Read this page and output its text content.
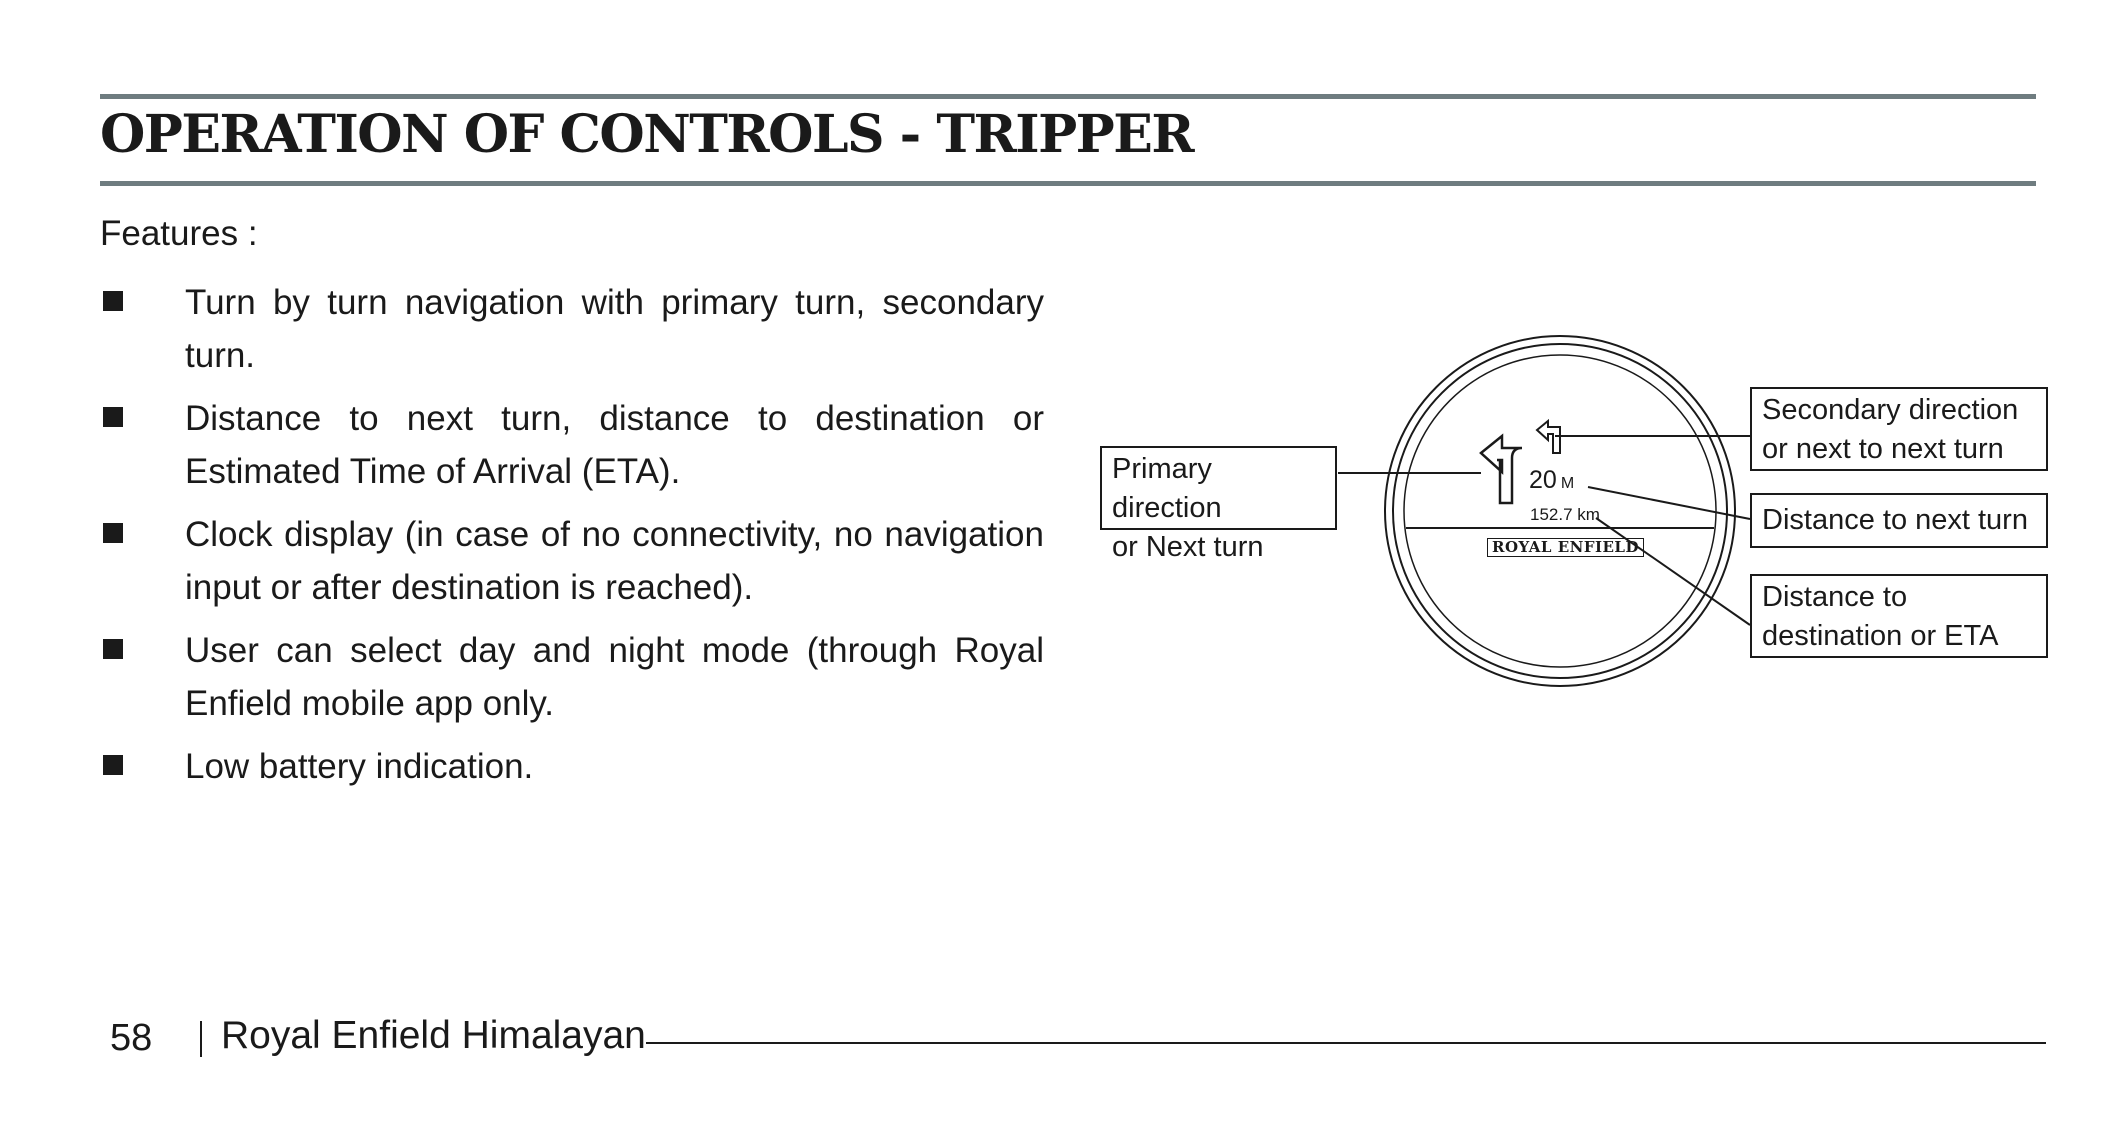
OPERATION OF CONTROLS - TRIPPER
Features :
Turn by turn navigation with primary turn, secondary turn.
Distance to next turn, distance to destination or Estimated Time of Arrival (ETA).
Clock display (in case of no connectivity, no navigation input or after destination is reached).
User can select day and night mode (through Royal Enfield mobile app only.
Low battery indication.
20 M
152.7 km
ROYAL ENFIELD
Primary direction
or Next turn
Secondary direction
or next to next turn
Distance to next turn
Distance to
destination or ETA
58 Royal Enfield Himalayan
